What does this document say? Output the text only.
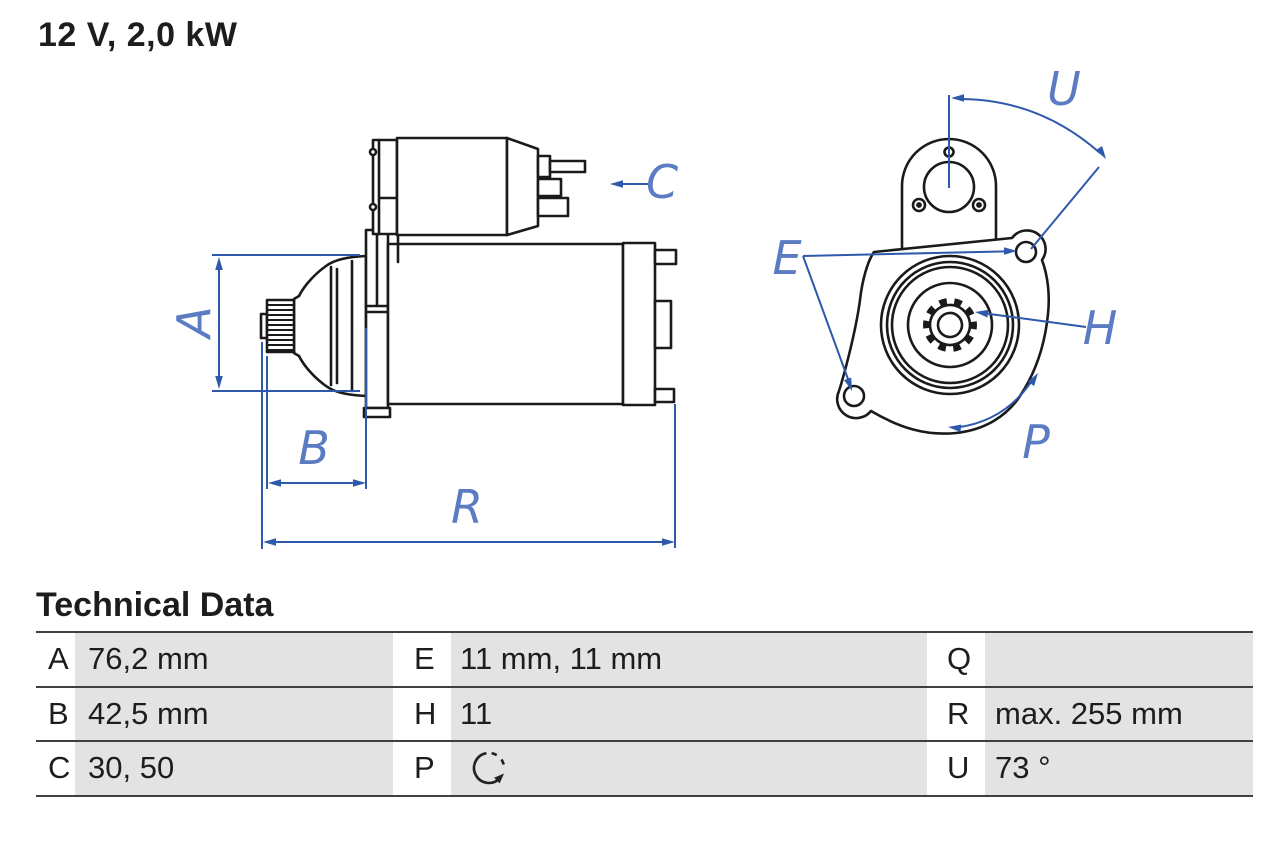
12 V, 2,0 kW
A
B
R
C
U
E
H
P
Technical Data
A 76,2 mm	E 11 mm, 11 mm	Q
B 42,5 mm	H 11	R max. 255 mm
C 30, 50	P	U 73 °
